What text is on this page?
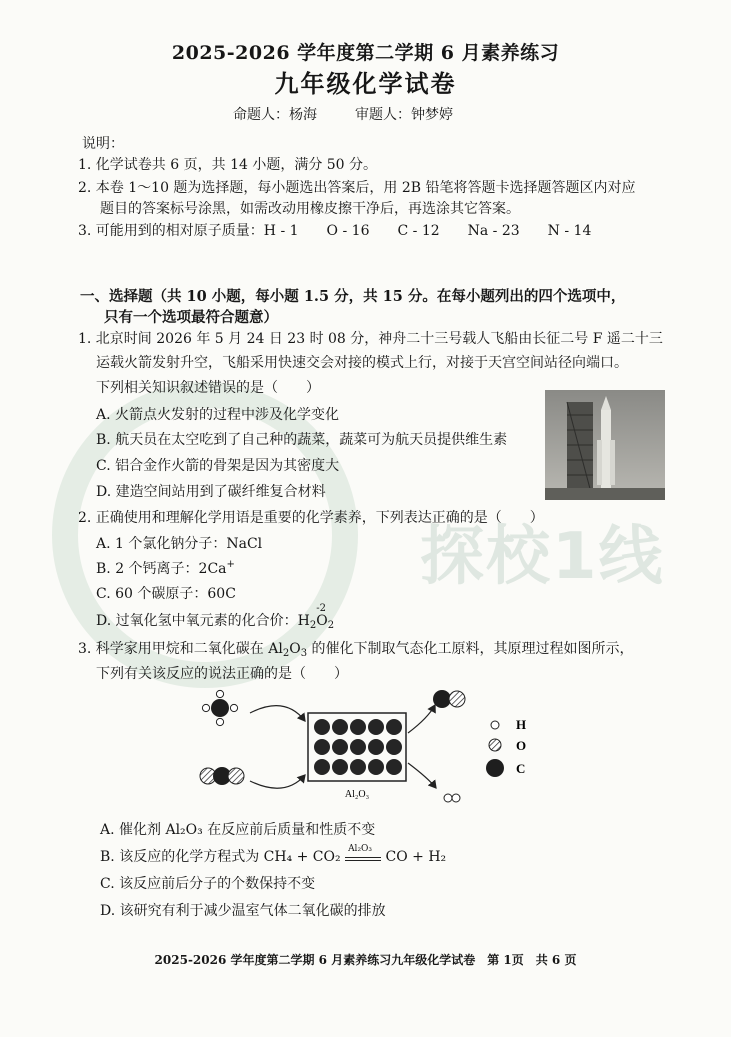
探校1线
2025-2026 学年度第二学期 6 月素养练习
九年级化学试卷
命题人：杨海	审题人：钟梦婷
说明：
1. 化学试卷共 6 页，共 14 小题，满分 50 分。
2. 本卷 1～10 题为选择题，每小题选出答案后，用 2B 铅笔将答题卡选择题答题区内对应
题目的答案标号涂黑，如需改动用橡皮擦干净后，再选涂其它答案。
3. 可能用到的相对原子质量：H - 1　　O - 16　　C - 12　　Na - 23　　N - 14
一、选择题（共 10 小题，每小题 1.5 分，共 15 分。在每小题列出的四个选项中，
只有一个选项最符合题意）
1. 北京时间 2026 年 5 月 24 日 23 时 08 分，神舟二十三号载人飞船由长征二号 F 遥二十三
运载火箭发射升空，飞船采用快速交会对接的模式上行，对接于天宫空间站径向端口。
下列相关知识叙述错误的是（　　）
A. 火箭点火发射的过程中涉及化学变化
B. 航天员在太空吃到了自己种的蔬菜，蔬菜可为航天员提供维生素
C. 铝合金作火箭的骨架是因为其密度大
D. 建造空间站用到了碳纤维复合材料
2. 正确使用和理解化学用语是重要的化学素养，下列表达正确的是（　　）
A. 1 个氯化钠分子：NaCl
B. 2 个钙离子：2Ca+
C. 60 个碳原子：60C
D. 过氧化氢中氧元素的化合价：$H_2$
-2
$O_2$
3. 科学家用甲烷和二氧化碳在 $Al_2O_3$ 的催化下制取气态化工原料，其原理过程如图所示，
下列有关该反应的说法正确的是（　　）
Al₂O₃
H
O
C
A. 催化剂 Al₂O₃ 在反应前后质量和性质不变
B. 该反应的化学方程式为 CH₄ + CO₂ Al₂O₃ CO + H₂
C. 该反应前后分子的个数保持不变
D. 该研究有利于减少温室气体二氧化碳的排放
2025-2026 学年度第二学期 6 月素养练习九年级化学试卷　第 1页　共 6 页
